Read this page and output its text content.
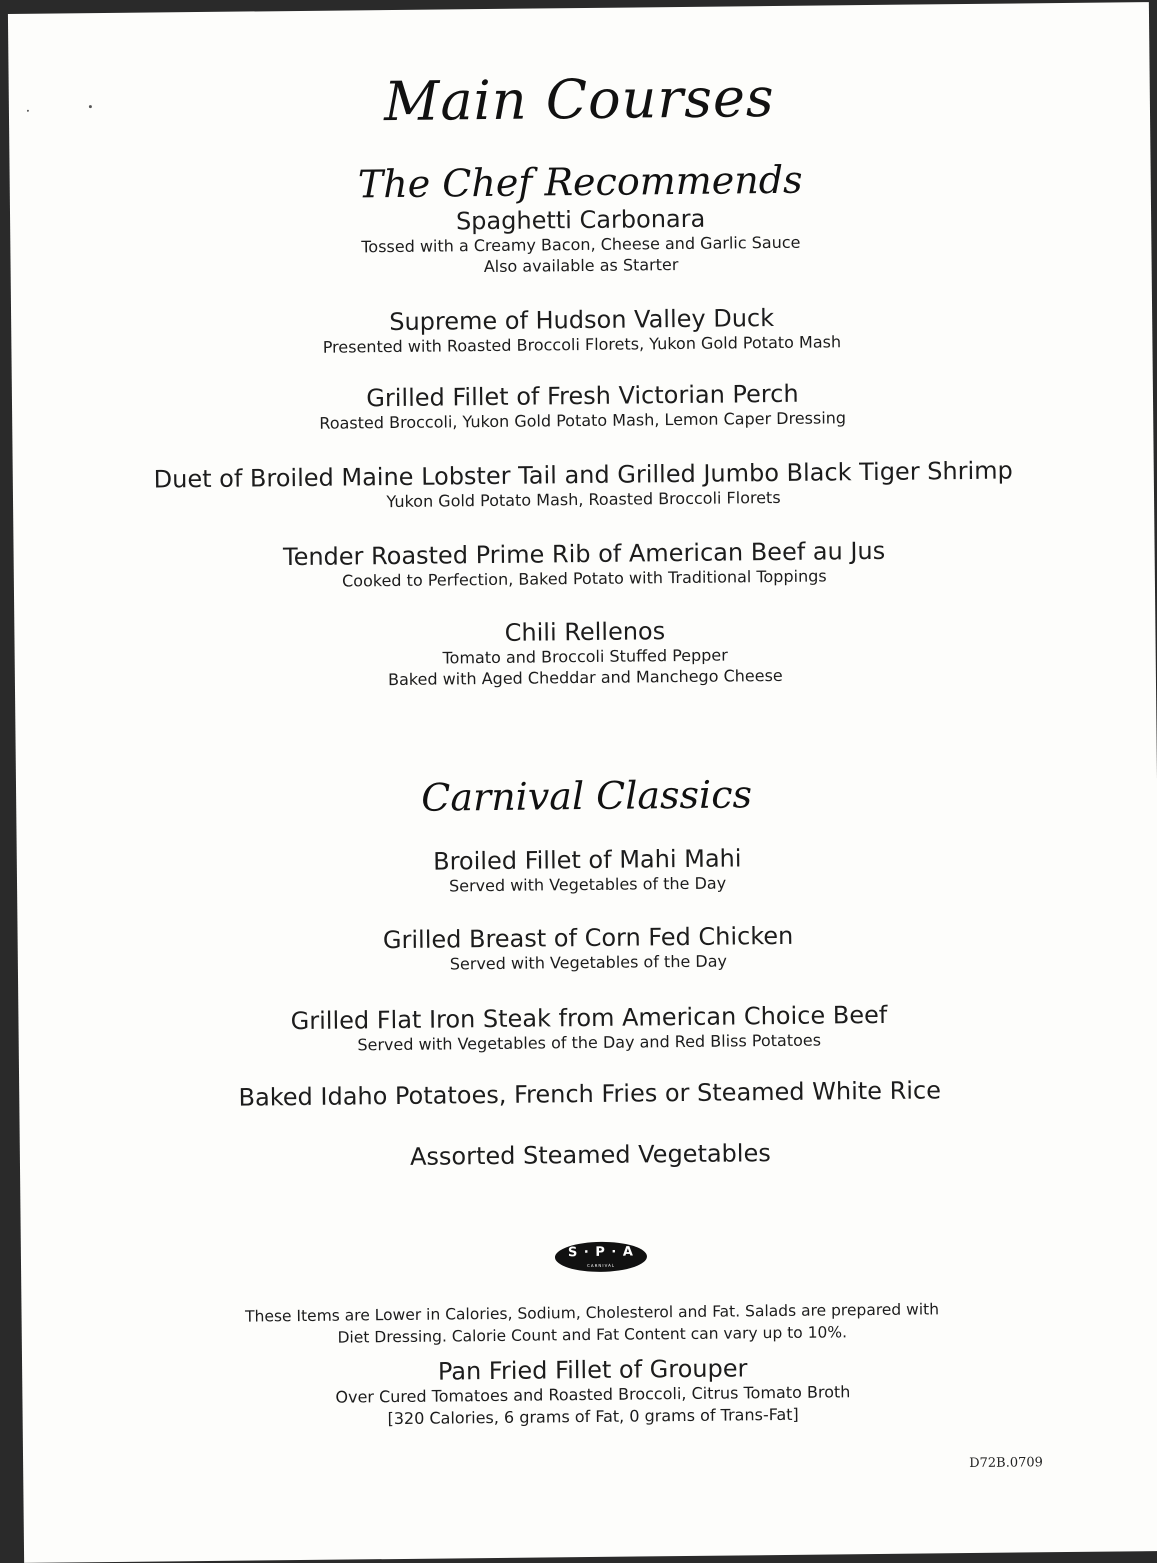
Main Courses
The Chef Recommends
Spaghetti Carbonara
Tossed with a Creamy Bacon, Cheese and Garlic Sauce
Also available as Starter
Supreme of Hudson Valley Duck
Presented with Roasted Broccoli Florets, Yukon Gold Potato Mash
Grilled Fillet of Fresh Victorian Perch
Roasted Broccoli, Yukon Gold Potato Mash, Lemon Caper Dressing
Duet of Broiled Maine Lobster Tail and Grilled Jumbo Black Tiger Shrimp
Yukon Gold Potato Mash, Roasted Broccoli Florets
Tender Roasted Prime Rib of American Beef au Jus
Cooked to Perfection, Baked Potato with Traditional Toppings
Chili Rellenos
Tomato and Broccoli Stuffed Pepper
Baked with Aged Cheddar and Manchego Cheese
Carnival Classics
Broiled Fillet of Mahi Mahi
Served with Vegetables of the Day
Grilled Breast of Corn Fed Chicken
Served with Vegetables of the Day
Grilled Flat Iron Steak from American Choice Beef
Served with Vegetables of the Day and Red Bliss Potatoes
Baked Idaho Potatoes, French Fries or Steamed White Rice
Assorted Steamed Vegetables
S · P · A
CARNIVAL
These Items are Lower in Calories, Sodium, Cholesterol and Fat. Salads are prepared with
Diet Dressing. Calorie Count and Fat Content can vary up to 10%.
Pan Fried Fillet of Grouper
Over Cured Tomatoes and Roasted Broccoli, Citrus Tomato Broth
[320 Calories, 6 grams of Fat, 0 grams of Trans-Fat]
D72B.0709
